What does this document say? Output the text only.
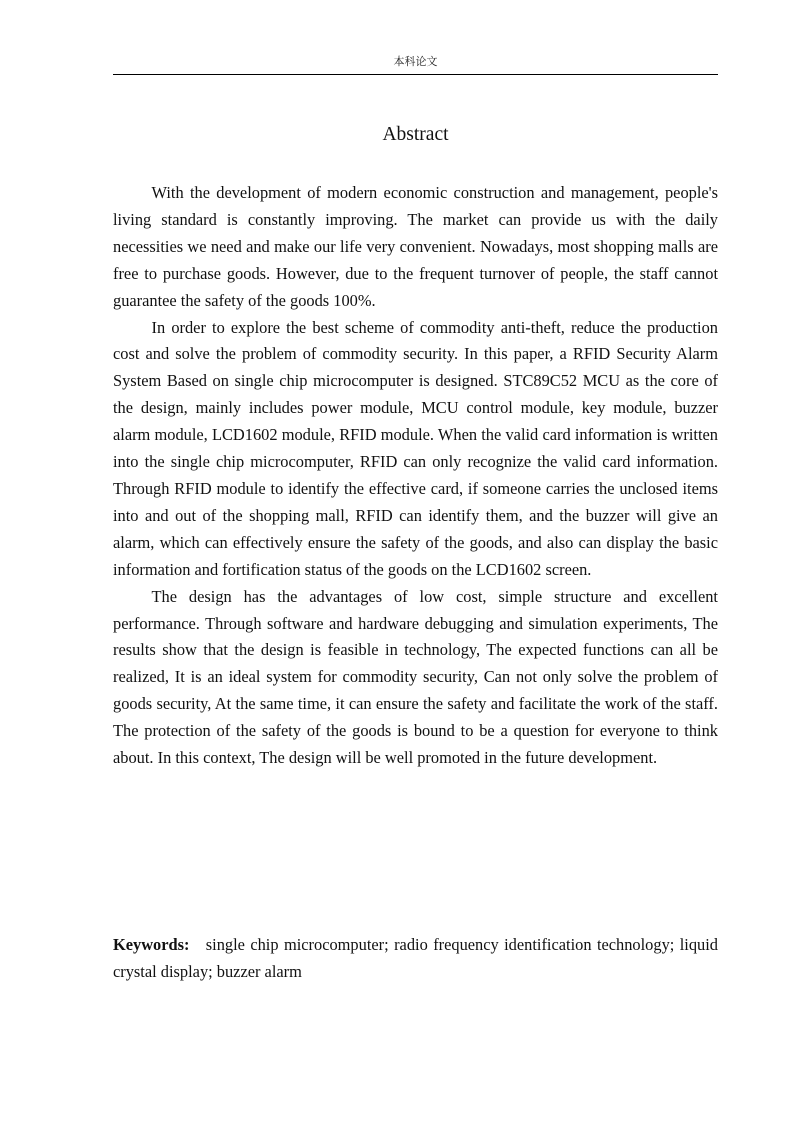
本科论文
Abstract

With the development of modern economic construction and management, people's living standard is constantly improving. The market can provide us with the daily necessities we need and make our life very convenient. Nowadays, most shopping malls are free to purchase goods. However, due to the frequent turnover of people, the staff cannot guarantee the safety of the goods 100%.

In order to explore the best scheme of commodity anti-theft, reduce the production cost and solve the problem of commodity security. In this paper, a RFID Security Alarm System Based on single chip microcomputer is designed. STC89C52 MCU as the core of the design, mainly includes power module, MCU control module, key module, buzzer alarm module, LCD1602 module, RFID module. When the valid card information is written into the single chip microcomputer, RFID can only recognize the valid card information. Through RFID module to identify the effective card, if someone carries the unclosed items into and out of the shopping mall, RFID can identify them, and the buzzer will give an alarm, which can effectively ensure the safety of the goods, and also can display the basic information and fortification status of the goods on the LCD1602 screen.

The design has the advantages of low cost, simple structure and excellent performance. Through software and hardware debugging and simulation experiments, The results show that the design is feasible in technology, The expected functions can all be realized, It is an ideal system for commodity security, Can not only solve the problem of goods security, At the same time, it can ensure the safety and facilitate the work of the staff. The protection of the safety of the goods is bound to be a question for everyone to think about. In this context, The design will be well promoted in the future development.

Keywords: single chip microcomputer; radio frequency identification technology; liquid crystal display; buzzer alarm
